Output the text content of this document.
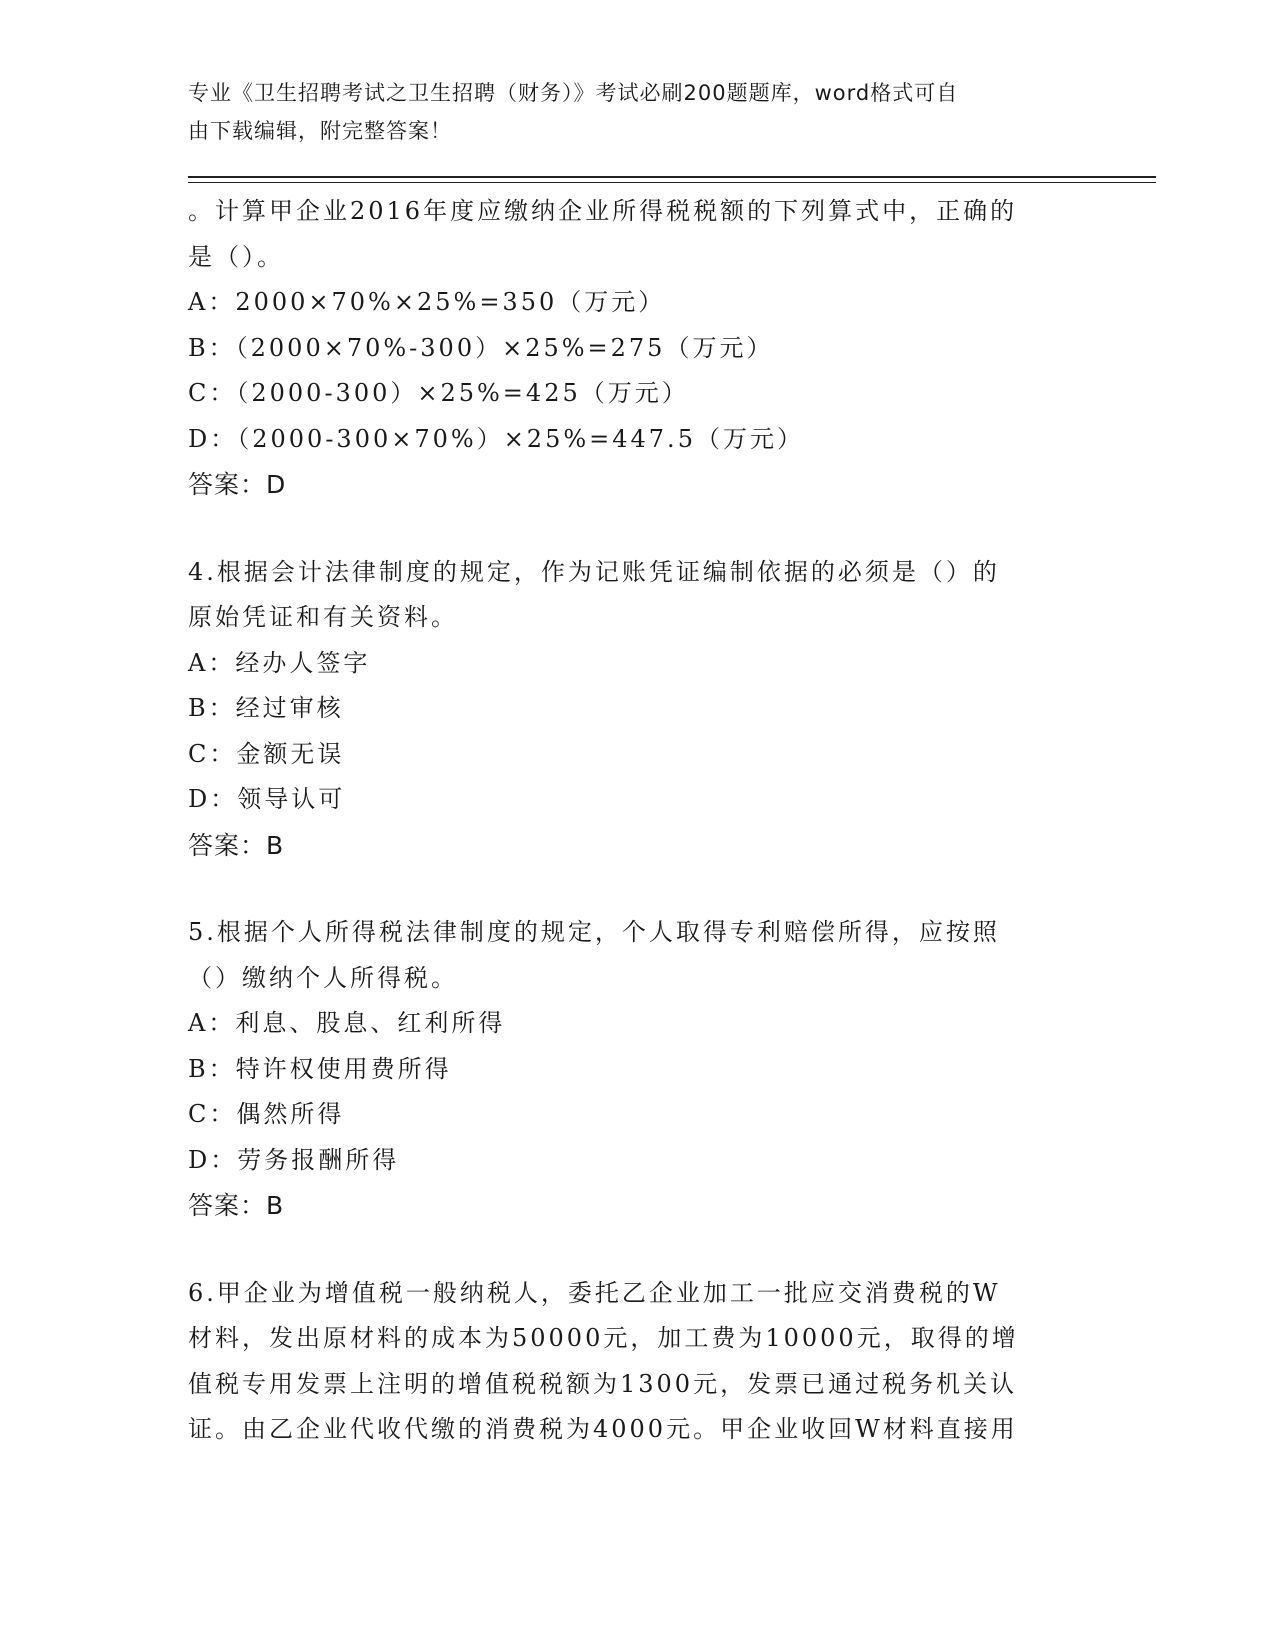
专业《卫生招聘考试之卫生招聘（财务）》考试必刷200题题库，word格式可自
由下载编辑，附完整答案！
。计算甲企业2016年度应缴纳企业所得税税额的下列算式中，正确的
是（）。
A：2000×70%×25%=350（万元）
B：（2000×70%-300）×25%=275（万元）
C：（2000-300）×25%=425（万元）
D：（2000-300×70%）×25%=447.5（万元）
答案：D
4.根据会计法律制度的规定，作为记账凭证编制依据的必须是（）的
原始凭证和有关资料。
A：经办人签字
B：经过审核
C：金额无误
D：领导认可
答案：B
5.根据个人所得税法律制度的规定，个人取得专利赔偿所得，应按照
（）缴纳个人所得税。
A：利息、股息、红利所得
B：特许权使用费所得
C：偶然所得
D：劳务报酬所得
答案：B
6.甲企业为增值税一般纳税人，委托乙企业加工一批应交消费税的W
材料，发出原材料的成本为50000元，加工费为10000元，取得的增
值税专用发票上注明的增值税税额为1300元，发票已通过税务机关认
证。由乙企业代收代缴的消费税为4000元。甲企业收回W材料直接用
